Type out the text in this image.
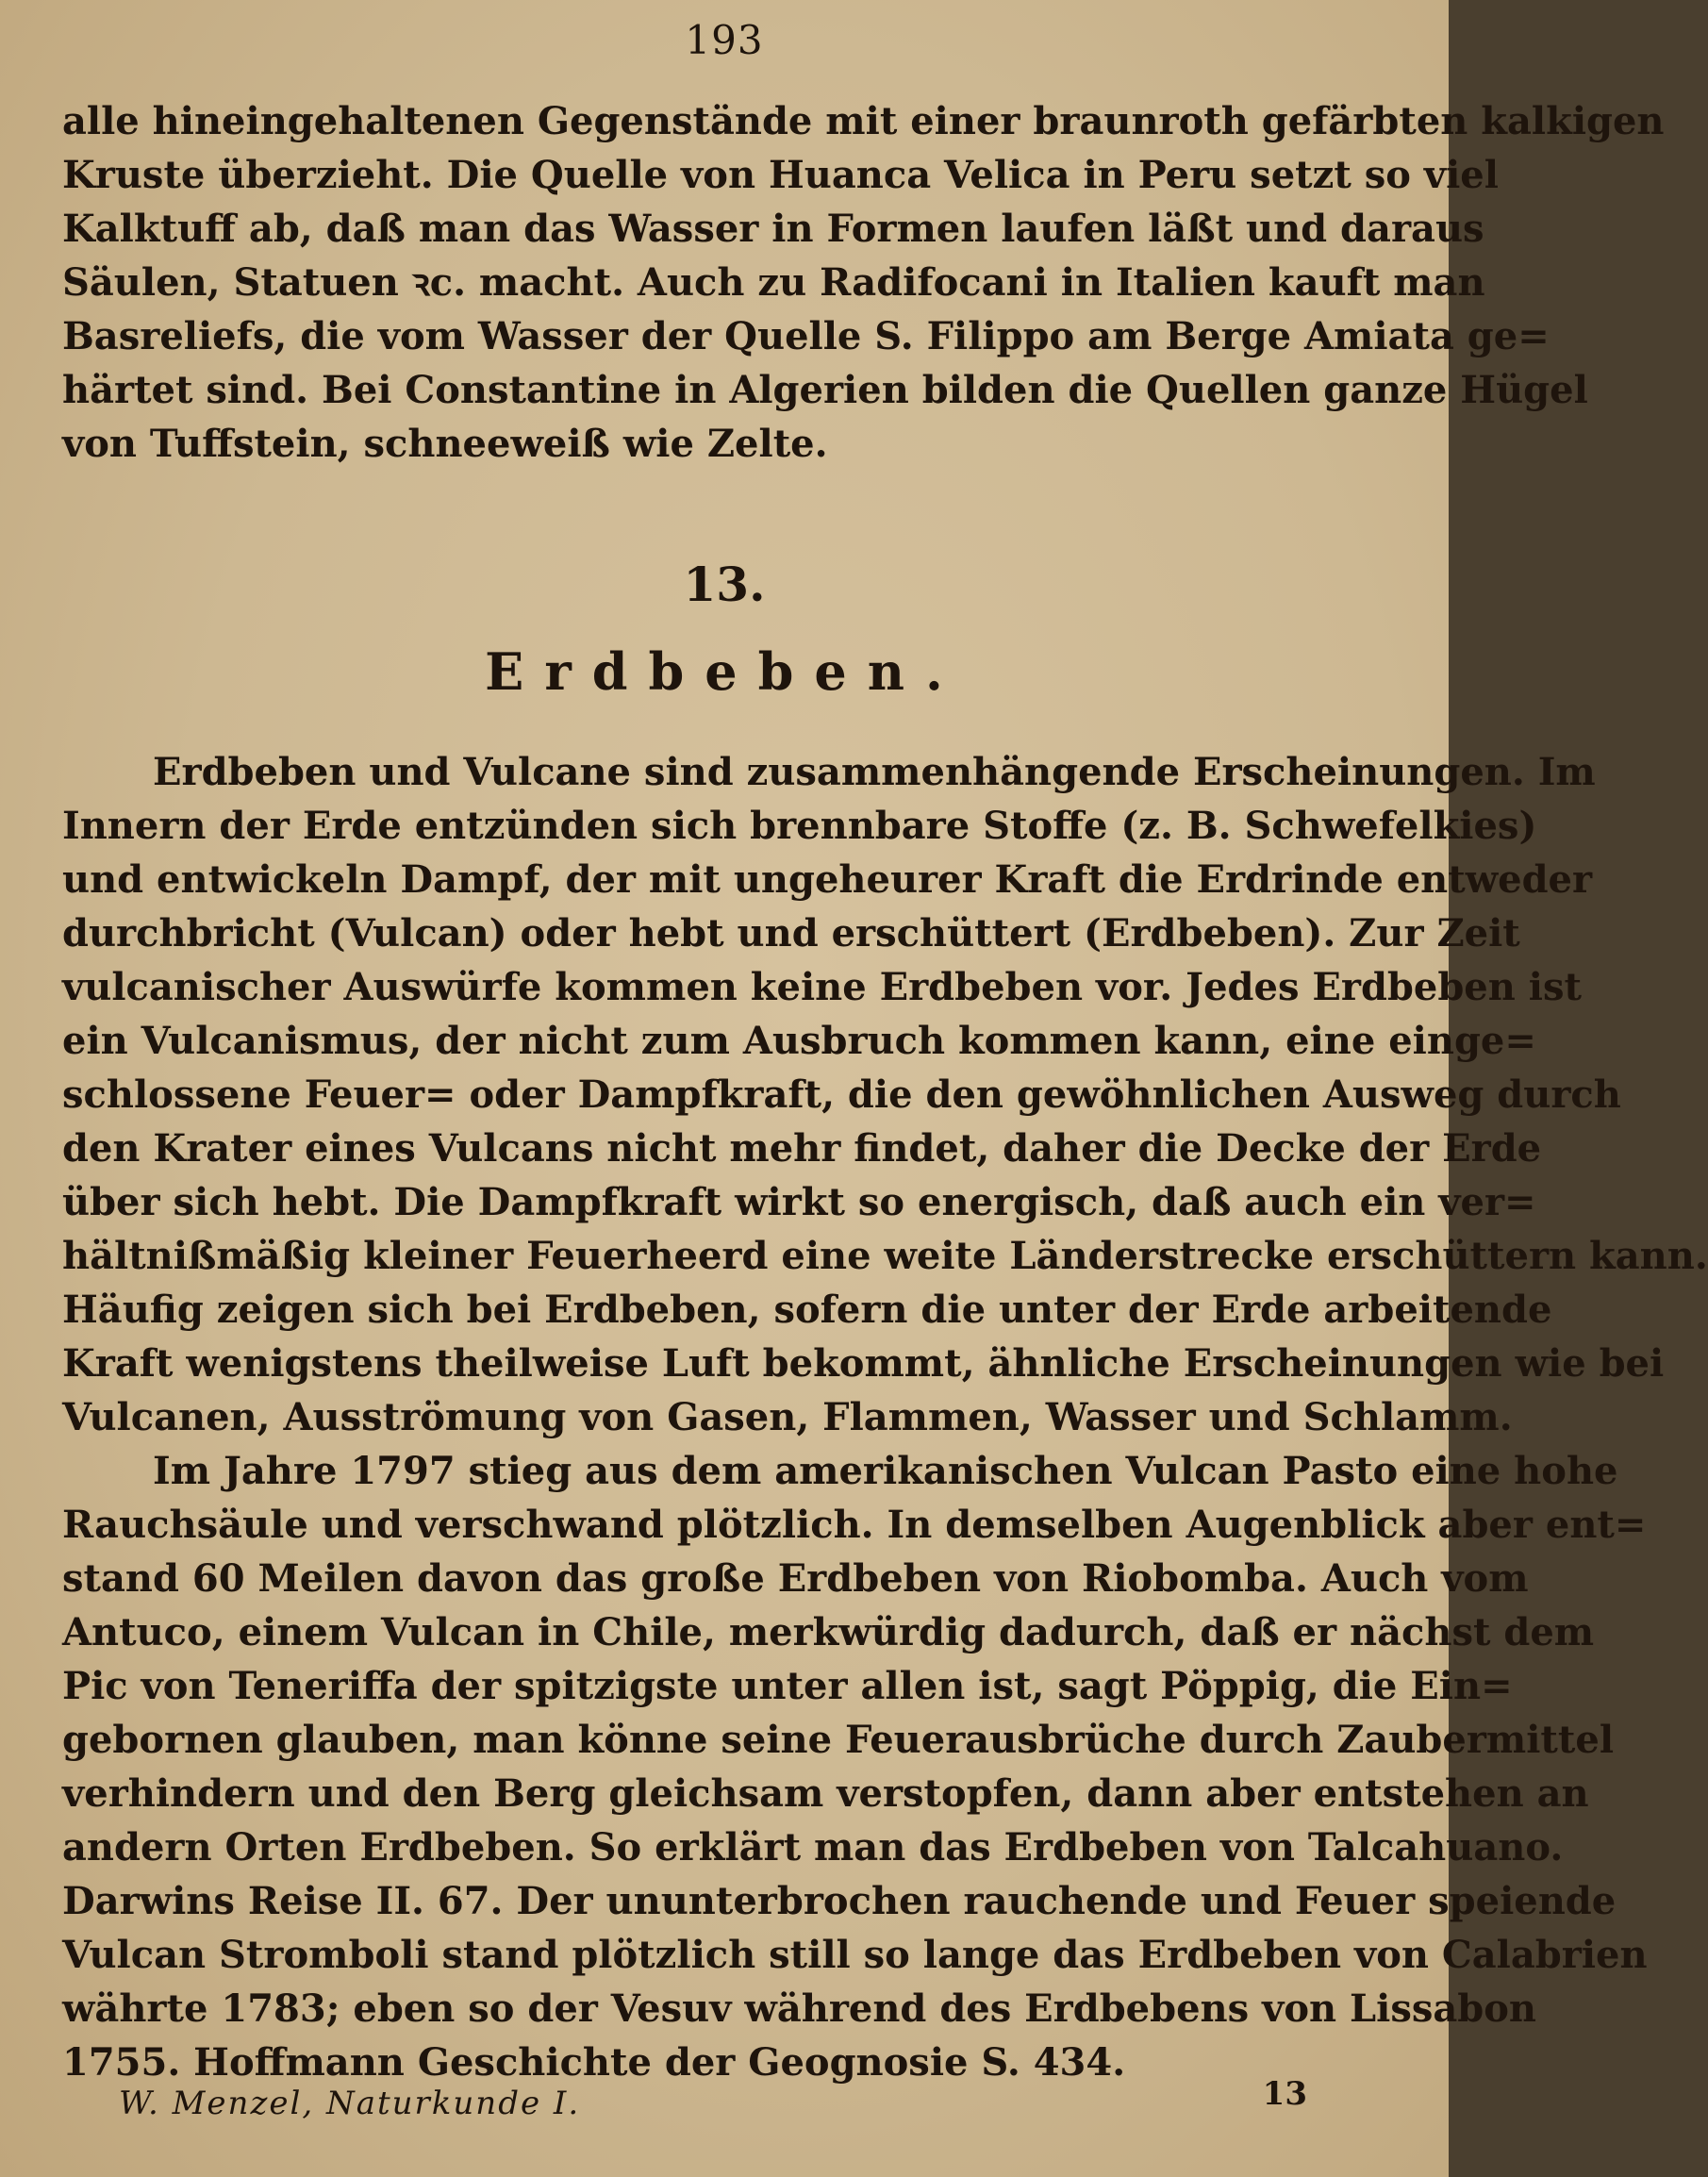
193
alle hineingehaltenen Gegenstände mit einer braunroth gefärbten kalkigen
Kruste überzieht. Die Quelle von Huanca Velica in Peru setzt so viel
Kalktuff ab, daß man das Wasser in Formen laufen läßt und daraus
Säulen, Statuen ꝛc. macht. Auch zu Radifocani in Italien kauft man
Basreliefs, die vom Wasser der Quelle S. Filippo am Berge Amiata ge=
härtet sind. Bei Constantine in Algerien bilden die Quellen ganze Hügel
von Tuffstein, schneeweiß wie Zelte.
13.
Erdbeben.
Erdbeben und Vulcane sind zusammenhängende Erscheinungen. Im
Innern der Erde entzünden sich brennbare Stoffe (z. B. Schwefelkies)
und entwickeln Dampf, der mit ungeheurer Kraft die Erdrinde entweder
durchbricht (Vulcan) oder hebt und erschüttert (Erdbeben). Zur Zeit
vulcanischer Auswürfe kommen keine Erdbeben vor. Jedes Erdbeben ist
ein Vulcanismus, der nicht zum Ausbruch kommen kann, eine einge=
schlossene Feuer= oder Dampfkraft, die den gewöhnlichen Ausweg durch
den Krater eines Vulcans nicht mehr findet, daher die Decke der Erde
über sich hebt. Die Dampfkraft wirkt so energisch, daß auch ein ver=
hältnißmäßig kleiner Feuerheerd eine weite Länderstrecke erschüttern kann.
Häufig zeigen sich bei Erdbeben, sofern die unter der Erde arbeitende
Kraft wenigstens theilweise Luft bekommt, ähnliche Erscheinungen wie bei
Vulcanen, Ausströmung von Gasen, Flammen, Wasser und Schlamm.
Im Jahre 1797 stieg aus dem amerikanischen Vulcan Pasto eine hohe
Rauchsäule und verschwand plötzlich. In demselben Augenblick aber ent=
stand 60 Meilen davon das große Erdbeben von Riobomba. Auch vom
Antuco, einem Vulcan in Chile, merkwürdig dadurch, daß er nächst dem
Pic von Teneriffa der spitzigste unter allen ist, sagt Pöppig, die Ein=
gebornen glauben, man könne seine Feuerausbrüche durch Zaubermittel
verhindern und den Berg gleichsam verstopfen, dann aber entstehen an
andern Orten Erdbeben. So erklärt man das Erdbeben von Talcahuano.
Darwins Reise II. 67. Der ununterbrochen rauchende und Feuer speiende
Vulcan Stromboli stand plötzlich still so lange das Erdbeben von Calabrien
währte 1783; eben so der Vesuv während des Erdbebens von Lissabon
1755. Hoffmann Geschichte der Geognosie S. 434.
W. Menzel, Naturkunde I.	13
